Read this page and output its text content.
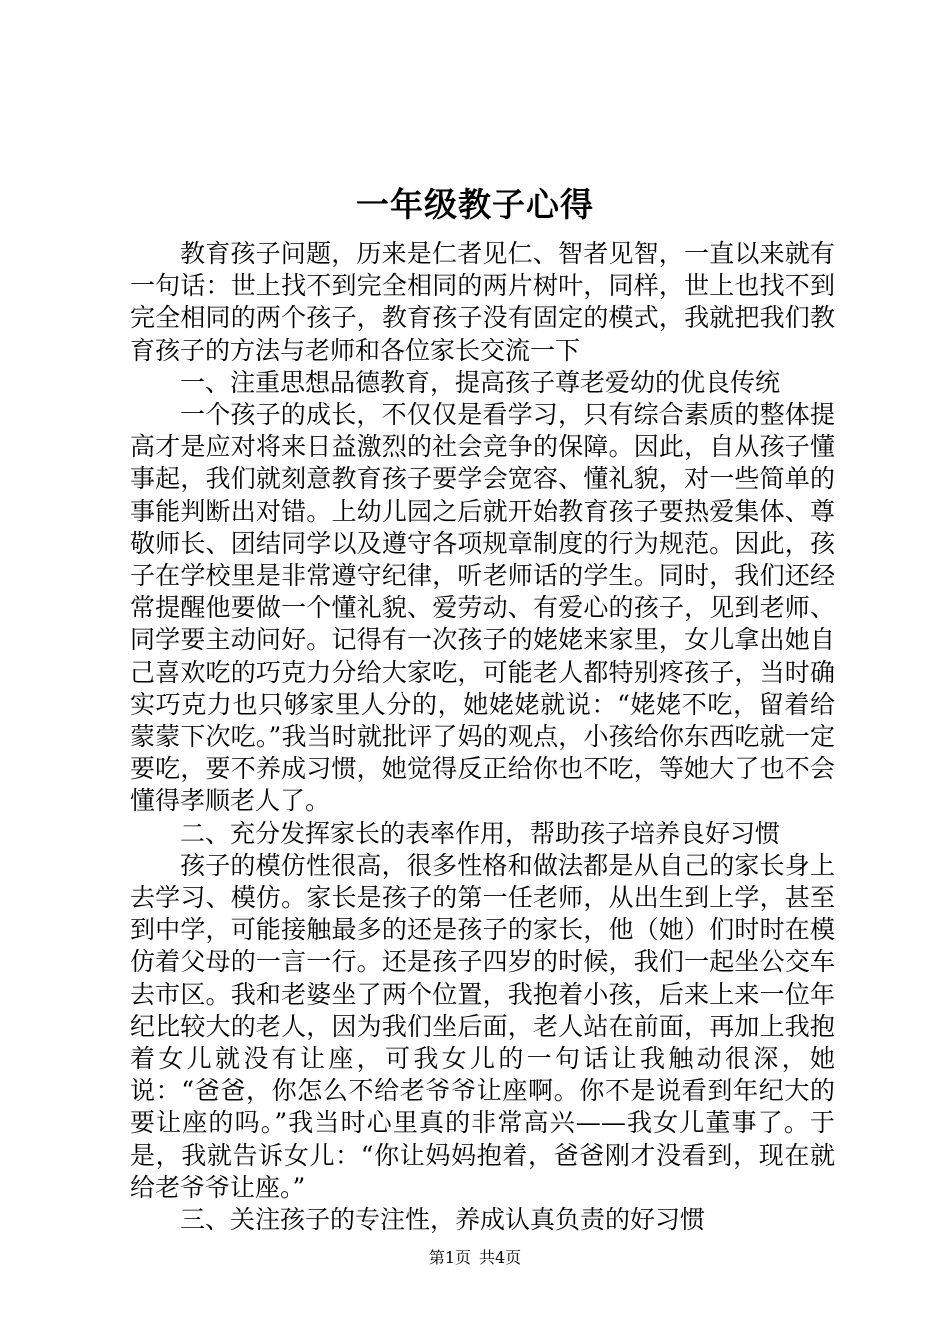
一年级教子心得

教育孩子问题，历来是仁者见仁、智者见智，一直以来就有一句话：世上找不到完全相同的两片树叶，同样，世上也找不到完全相同的两个孩子，教育孩子没有固定的模式，我就把我们教育孩子的方法与老师和各位家长交流一下

一、注重思想品德教育，提高孩子尊老爱幼的优良传统

一个孩子的成长，不仅仅是看学习，只有综合素质的整体提高才是应对将来日益激烈的社会竞争的保障。因此，自从孩子懂事起，我们就刻意教育孩子要学会宽容、懂礼貌，对一些简单的事能判断出对错。上幼儿园之后就开始教育孩子要热爱集体、尊敬师长、团结同学以及遵守各项规章制度的行为规范。因此，孩子在学校里是非常遵守纪律，听老师话的学生。同时，我们还经常提醒他要做一个懂礼貌、爱劳动、有爱心的孩子，见到老师、同学要主动问好。记得有一次孩子的姥姥来家里，女儿拿出她自己喜欢吃的巧克力分给大家吃，可能老人都特别疼孩子，当时确实巧克力也只够家里人分的，她姥姥就说：“姥姥不吃，留着给蒙蒙下次吃。”我当时就批评了妈的观点，小孩给你东西吃就一定要吃，要不养成习惯，她觉得反正给你也不吃，等她大了也不会懂得孝顺老人了。

二、充分发挥家长的表率作用，帮助孩子培养良好习惯

孩子的模仿性很高，很多性格和做法都是从自己的家长身上去学习、模仿。家长是孩子的第一任老师，从出生到上学，甚至到中学，可能接触最多的还是孩子的家长，他（她）们时时在模仿着父母的一言一行。还是孩子四岁的时候，我们一起坐公交车去市区。我和老婆坐了两个位置，我抱着小孩，后来上来一位年纪比较大的老人，因为我们坐后面，老人站在前面，再加上我抱着女儿就没有让座，可我女儿的一句话让我触动很深，她说：“爸爸，你怎么不给老爷爷让座啊。你不是说看到年纪大的要让座的吗。”我当时心里真的非常高兴——我女儿董事了。于是，我就告诉女儿：“你让妈妈抱着，爸爸刚才没看到，现在就给老爷爷让座。”

三、关注孩子的专注性，养成认真负责的好习惯

第1页 共4页
